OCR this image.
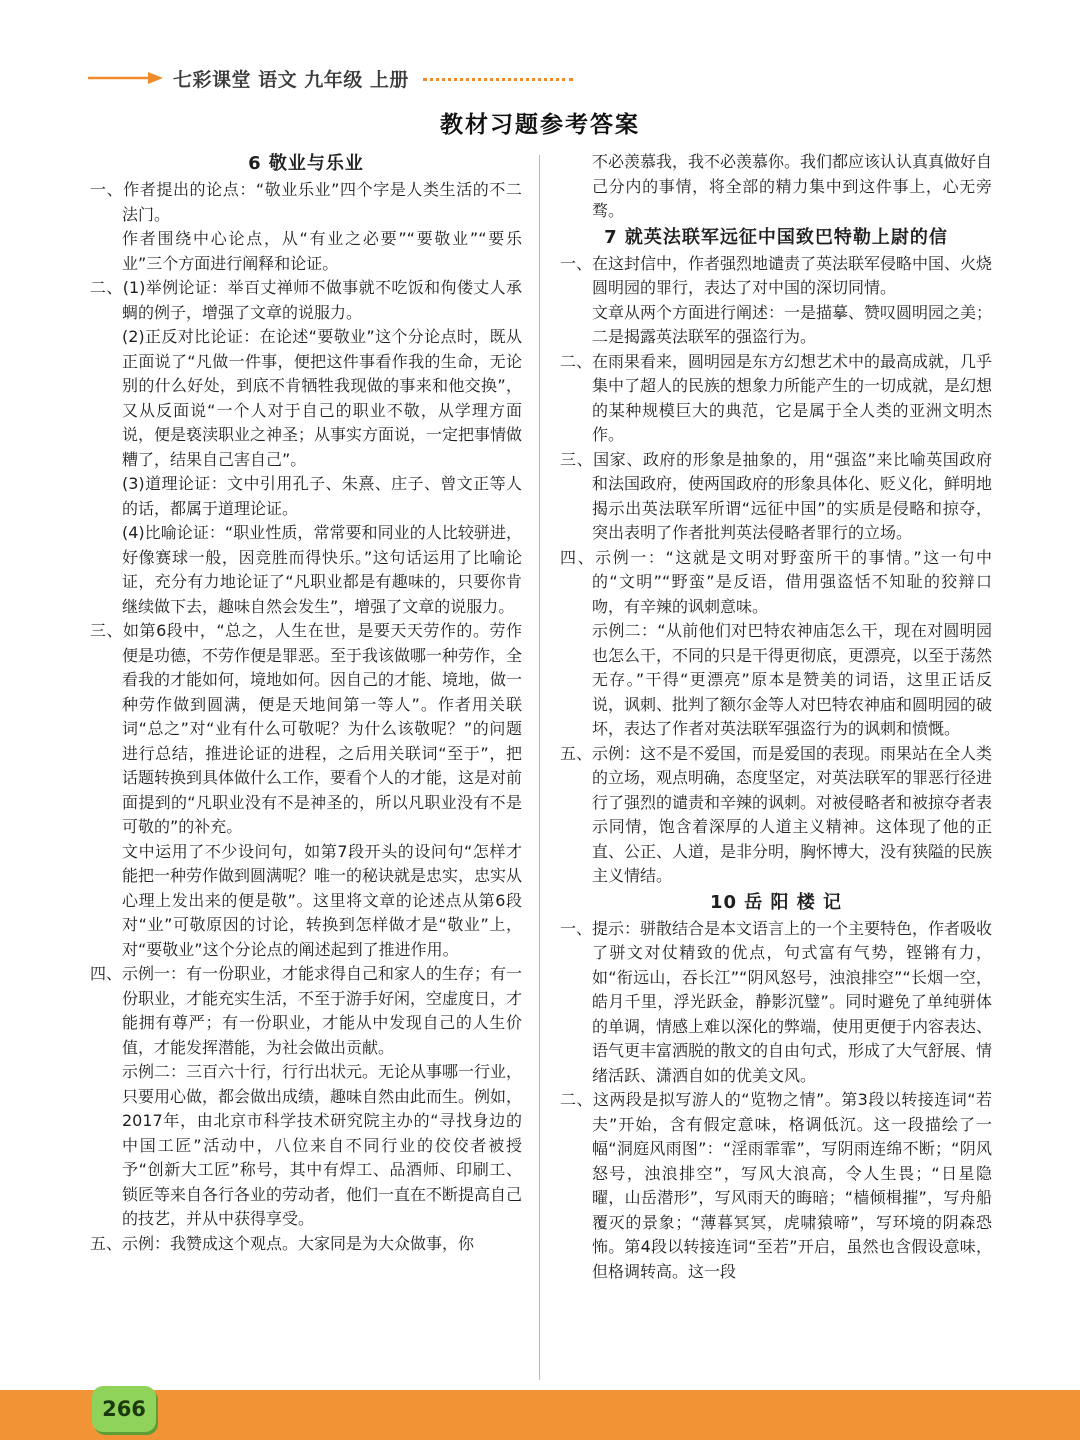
七彩课堂 语文 九年级 上册
教材习题参考答案
6 敬业与乐业

一、作者提出的论点：“敬业乐业”四个字是人类生活的不二法门。

作者围绕中心论点，从“有业之必要”“要敬业”“要乐业”三个方面进行阐释和论证。

二、(1)举例论证：举百丈禅师不做事就不吃饭和佝偻丈人承蜩的例子，增强了文章的说服力。

(2)正反对比论证：在论述“要敬业”这个分论点时，既从正面说了“凡做一件事，便把这件事看作我的生命，无论别的什么好处，到底不肯牺牲我现做的事来和他交换”，又从反面说“一个人对于自己的职业不敬，从学理方面说，便是亵渎职业之神圣；从事实方面说，一定把事情做糟了，结果自己害自己”。

(3)道理论证：文中引用孔子、朱熹、庄子、曾文正等人的话，都属于道理论证。

(4)比喻论证：“职业性质，常常要和同业的人比较骈进，好像赛球一般，因竞胜而得快乐。”这句话运用了比喻论证，充分有力地论证了“凡职业都是有趣味的，只要你肯继续做下去，趣味自然会发生”，增强了文章的说服力。

三、如第6段中，“总之，人生在世，是要天天劳作的。劳作便是功德，不劳作便是罪恶。至于我该做哪一种劳作，全看我的才能如何，境地如何。因自己的才能、境地，做一种劳作做到圆满，便是天地间第一等人”。作者用关联词“总之”对“业有什么可敬呢？为什么该敬呢？”的问题进行总结，推进论证的进程，之后用关联词“至于”，把话题转换到具体做什么工作，要看个人的才能，这是对前面提到的“凡职业没有不是神圣的，所以凡职业没有不是可敬的”的补充。

文中运用了不少设问句，如第7段开头的设问句“怎样才能把一种劳作做到圆满呢？唯一的秘诀就是忠实，忠实从心理上发出来的便是敬”。这里将文章的论述点从第6段对“业”可敬原因的讨论，转换到怎样做才是“敬业”上，对“要敬业”这个分论点的阐述起到了推进作用。

四、示例一：有一份职业，才能求得自己和家人的生存；有一份职业，才能充实生活，不至于游手好闲，空虚度日，才能拥有尊严；有一份职业，才能从中发现自己的人生价值，才能发挥潜能，为社会做出贡献。

示例二：三百六十行，行行出状元。无论从事哪一行业，只要用心做，都会做出成绩，趣味自然由此而生。例如，2017年，由北京市科学技术研究院主办的“寻找身边的中国工匠”活动中，八位来自不同行业的佼佼者被授予“创新大工匠”称号，其中有焊工、品酒师、印刷工、锁匠等来自各行各业的劳动者，他们一直在不断提高自己的技艺，并从中获得享受。

五、示例：我赞成这个观点。大家同是为大众做事，你

不必羡慕我，我不必羡慕你。我们都应该认认真真做好自己分内的事情，将全部的精力集中到这件事上，心无旁骛。

7 就英法联军远征中国致巴特勒上尉的信

一、在这封信中，作者强烈地谴责了英法联军侵略中国、火烧圆明园的罪行，表达了对中国的深切同情。

文章从两个方面进行阐述：一是描摹、赞叹圆明园之美；二是揭露英法联军的强盗行为。

二、在雨果看来，圆明园是东方幻想艺术中的最高成就，几乎集中了超人的民族的想象力所能产生的一切成就，是幻想的某种规模巨大的典范，它是属于全人类的亚洲文明杰作。

三、国家、政府的形象是抽象的，用“强盗”来比喻英国政府和法国政府，使两国政府的形象具体化、贬义化，鲜明地揭示出英法联军所谓“远征中国”的实质是侵略和掠夺，突出表明了作者批判英法侵略者罪行的立场。

四、示例一：“这就是文明对野蛮所干的事情。”这一句中的“文明”“野蛮”是反语，借用强盗恬不知耻的狡辩口吻，有辛辣的讽刺意味。

示例二：“从前他们对巴特农神庙怎么干，现在对圆明园也怎么干，不同的只是干得更彻底，更漂亮，以至于荡然无存。”干得“更漂亮”原本是赞美的词语，这里正话反说，讽刺、批判了额尔金等人对巴特农神庙和圆明园的破坏，表达了作者对英法联军强盗行为的讽刺和愤慨。

五、示例：这不是不爱国，而是爱国的表现。雨果站在全人类的立场，观点明确，态度坚定，对英法联军的罪恶行径进行了强烈的谴责和辛辣的讽刺。对被侵略者和被掠夺者表示同情，饱含着深厚的人道主义精神。这体现了他的正直、公正、人道，是非分明，胸怀博大，没有狭隘的民族主义情结。

10 岳 阳 楼 记

一、提示：骈散结合是本文语言上的一个主要特色，作者吸收了骈文对仗精致的优点，句式富有气势，铿锵有力，如“衔远山，吞长江”“阴风怒号，浊浪排空”“长烟一空，皓月千里，浮光跃金，静影沉璧”。同时避免了单纯骈体的单调，情感上难以深化的弊端，使用更便于内容表达、语气更丰富洒脱的散文的自由句式，形成了大气舒展、情绪活跃、潇洒自如的优美文风。

二、这两段是拟写游人的“览物之情”。第3段以转接连词“若夫”开始，含有假定意味，格调低沉。这一段描绘了一幅“洞庭风雨图”：“淫雨霏霏”，写阴雨连绵不断；“阴风怒号，浊浪排空”，写风大浪高，令人生畏；“日星隐曜，山岳潜形”，写风雨天的晦暗；“樯倾楫摧”，写舟船覆灭的景象；“薄暮冥冥，虎啸猿啼”，写环境的阴森恐怖。第4段以转接连词“至若”开启，虽然也含假设意味，但格调转高。这一段

266
